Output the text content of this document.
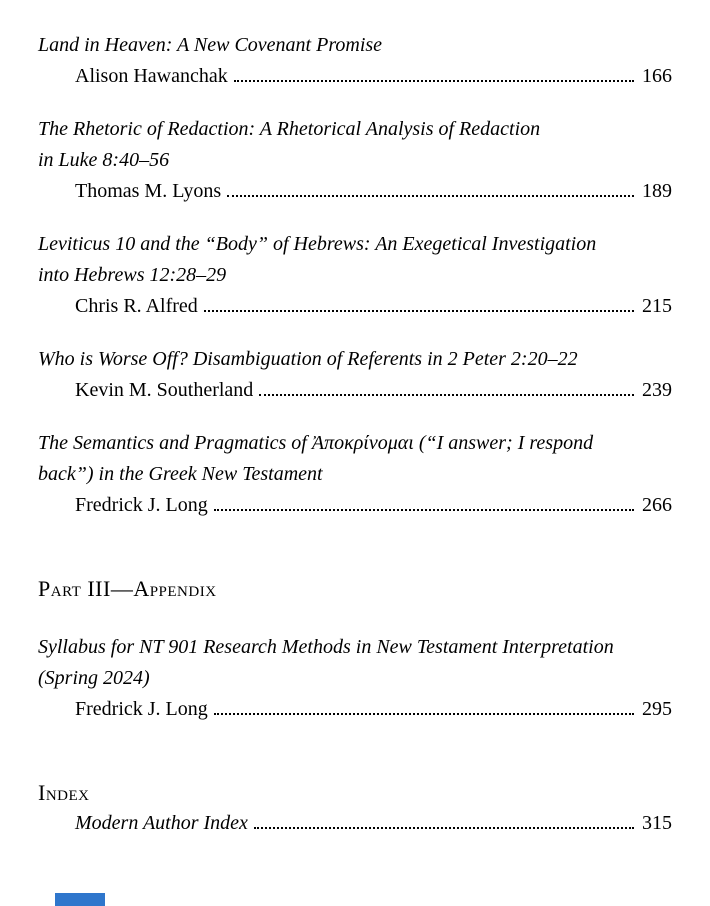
Land in Heaven: A New Covenant Promise
Alison Hawanchak	166
The Rhetoric of Redaction: A Rhetorical Analysis of Redaction
in Luke 8:40–56
Thomas M. Lyons	189
Leviticus 10 and the “Body” of Hebrews: An Exegetical Investigation
into Hebrews 12:28–29
Chris R. Alfred	215
Who is Worse Off? Disambiguation of Referents in 2 Peter 2:20–22
Kevin M. Southerland	239
The Semantics and Pragmatics of Ἀποκρίνομαι (“I answer; I respond
back”) in the Greek New Testament
Fredrick J. Long	266
Part III—Appendix
Syllabus for NT 901 Research Methods in New Testament Interpretation
(Spring 2024)
Fredrick J. Long	295
Index
Modern Author Index	315
